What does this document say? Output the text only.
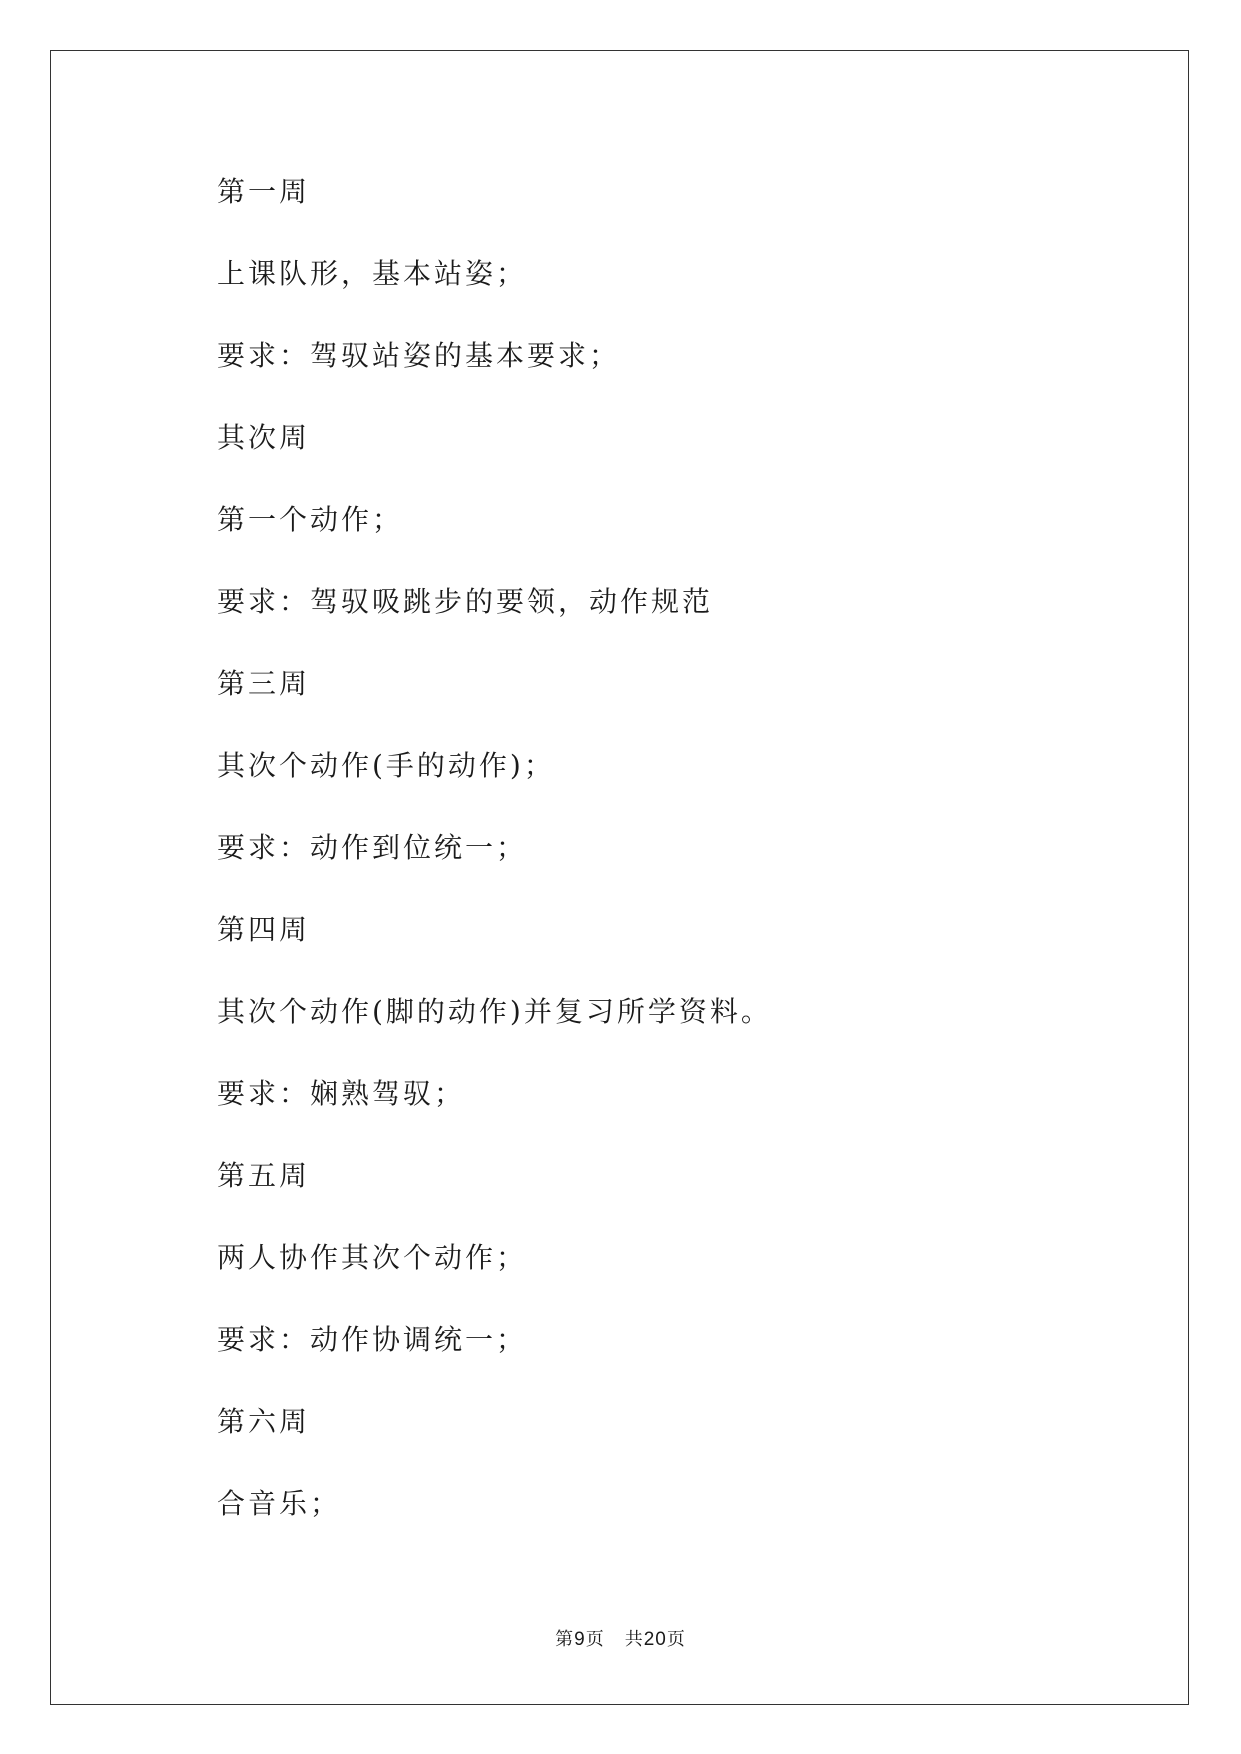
第一周
上课队形，基本站姿；
要求：驾驭站姿的基本要求；
其次周
第一个动作；
要求：驾驭吸跳步的要领，动作规范
第三周
其次个动作(手的动作)；
要求：动作到位统一；
第四周
其次个动作(脚的动作)并复习所学资料。
要求：娴熟驾驭；
第五周
两人协作其次个动作；
要求：动作协调统一；
第六周
合音乐；
第9页 共20页
